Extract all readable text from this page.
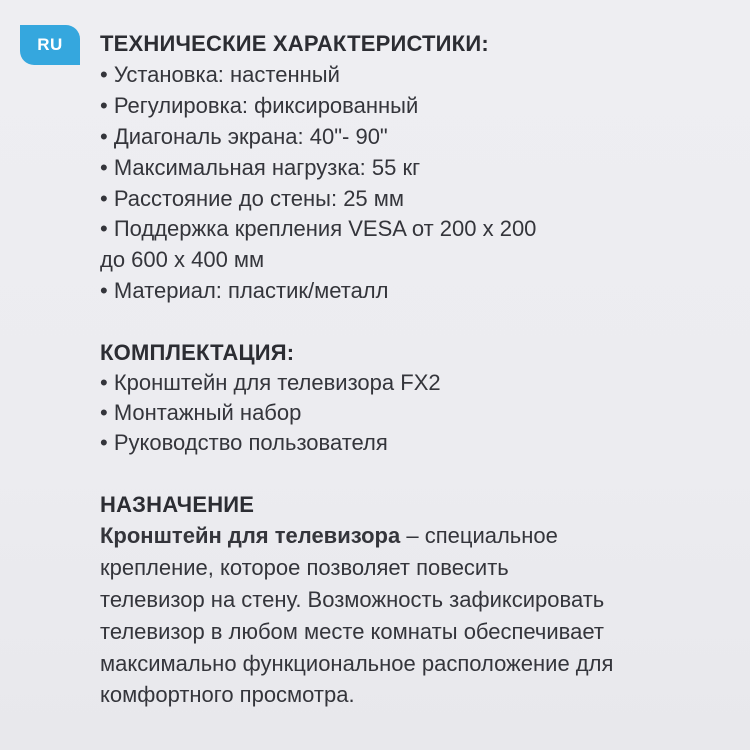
RU	ТЕХНИЧЕСКИЕ ХАРАКТЕРИСТИКИ:
• Установка: настенный
• Регулировка: фиксированный
• Диагональ экрана: 40"- 90"
• Максимальная нагрузка: 55 кг
• Расстояние до стены: 25 мм
• Поддержка крепления VESA от 200 x 200
до 600 x 400 мм
• Материал: пластик/металл
КОМПЛЕКТАЦИЯ:
• Кронштейн для телевизора FX2
• Монтажный набор
• Руководство пользователя
НАЗНАЧЕНИЕ
Кронштейн для телевизора – специальное
крепление, которое позволяет повесить
телевизор на стену. Возможность зафиксировать
телевизор в любом месте комнаты обеспечивает
максимально функциональное расположение для
комфортного просмотра.
